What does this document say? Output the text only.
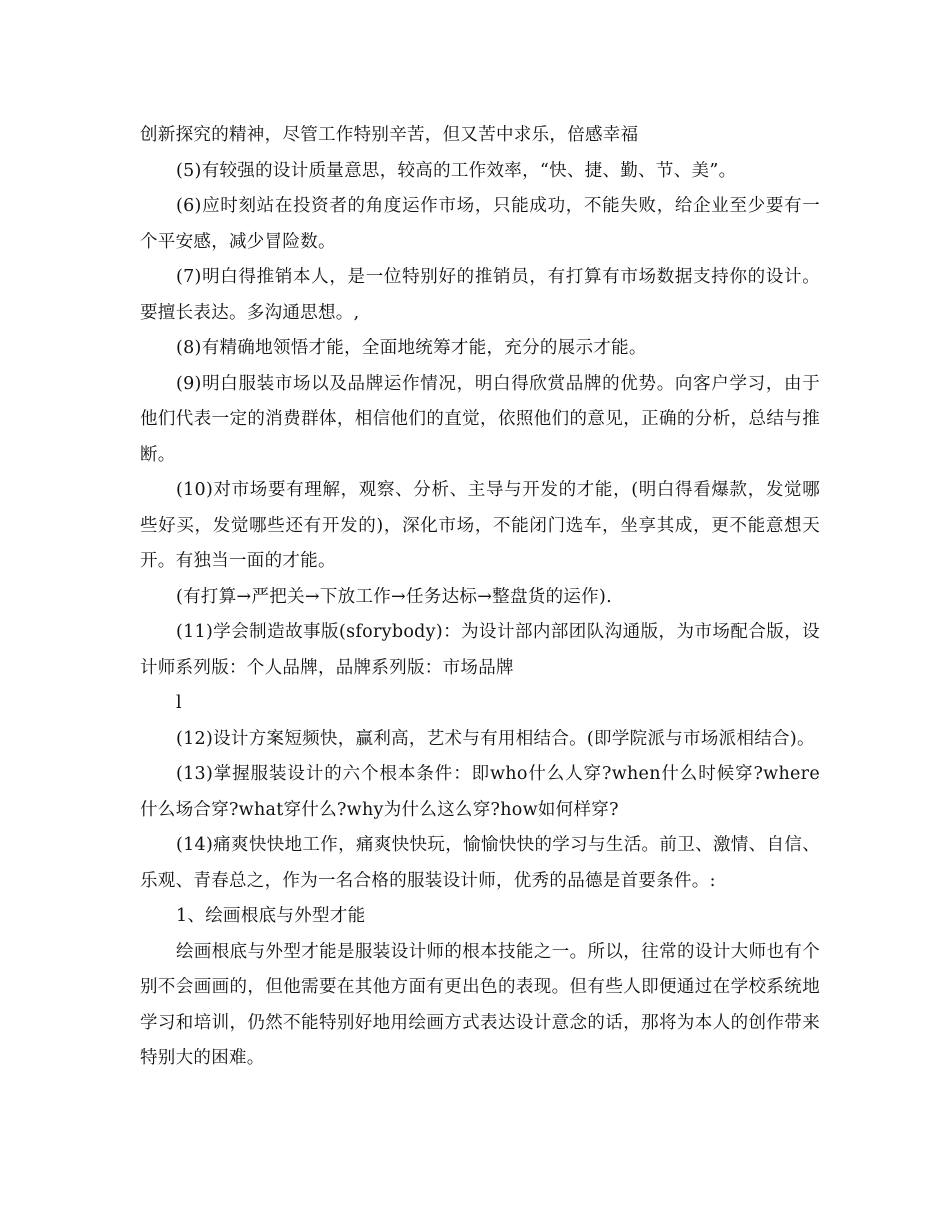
创新探究的精神，尽管工作特别辛苦，但又苦中求乐，倍感幸福

(5)有较强的设计质量意思，较高的工作效率，“快、捷、勤、节、美”。

(6)应时刻站在投资者的角度运作市场，只能成功，不能失败，给企业至少要有一个平安感，减少冒险数。

(7)明白得推销本人，是一位特别好的推销员，有打算有市场数据支持你的设计。要擅长表达。多沟通思想。,

(8)有精确地领悟才能，全面地统筹才能，充分的展示才能。

(9)明白服装市场以及品牌运作情况，明白得欣赏品牌的优势。向客户学习，由于他们代表一定的消费群体，相信他们的直觉，依照他们的意见，正确的分析，总结与推断。

(10)对市场要有理解，观察、分析、主导与开发的才能，(明白得看爆款，发觉哪些好买，发觉哪些还有开发的)，深化市场，不能闭门选车，坐享其成，更不能意想天开。有独当一面的才能。

(有打算→严把关→下放工作→任务达标→整盘货的运作).

(11)学会制造故事版(sforybody)：为设计部内部团队沟通版，为市场配合版，设计师系列版：个人品牌，品牌系列版：市场品牌

l

(12)设计方案短频快，赢利高，艺术与有用相结合。(即学院派与市场派相结合)。

(13)掌握服装设计的六个根本条件：即who什么人穿?when什么时候穿?where什么场合穿?what穿什么?why为什么这么穿?how如何样穿?

(14)痛爽快快地工作，痛爽快快玩，愉愉快快的学习与生活。前卫、激情、自信、乐观、青春总之，作为一名合格的服装设计师，优秀的品德是首要条件。:

1、绘画根底与外型才能

绘画根底与外型才能是服装设计师的根本技能之一。所以，往常的设计大师也有个别不会画画的，但他需要在其他方面有更出色的表现。但有些人即便通过在学校系统地学习和培训，仍然不能特别好地用绘画方式表达设计意念的话，那将为本人的创作带来特别大的困难。
